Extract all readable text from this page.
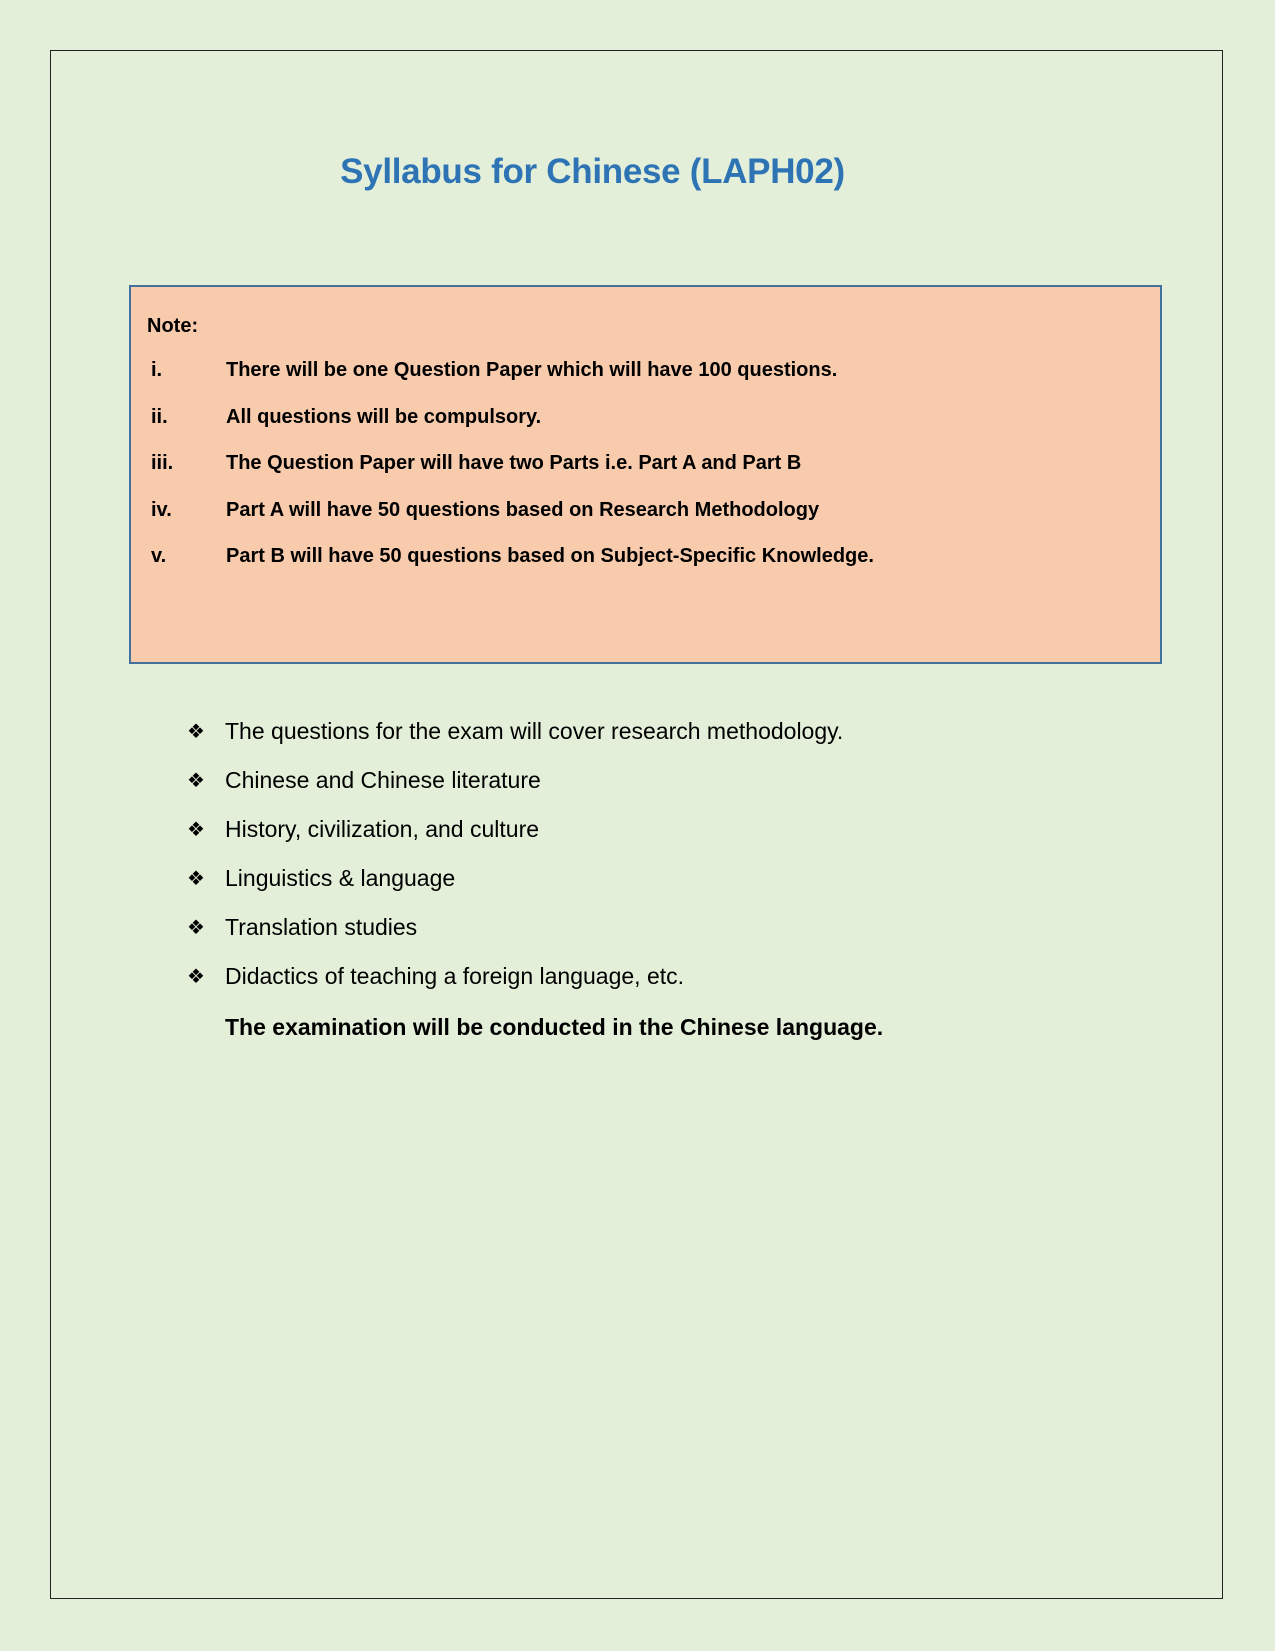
Syllabus for Chinese (LAPH02)
Note:
i.	There will be one Question Paper which will have 100 questions.
ii.	All questions will be compulsory.
iii.	The Question Paper will have two Parts i.e. Part A and Part B
iv.	Part A will have 50 questions based on Research Methodology
v.	Part B will have 50 questions based on Subject-Specific Knowledge.
❖ The questions for the exam will cover research methodology.
❖ Chinese and Chinese literature
❖ History, civilization, and culture
❖ Linguistics & language
❖ Translation studies
❖ Didactics of teaching a foreign language, etc.
The examination will be conducted in the Chinese language.
